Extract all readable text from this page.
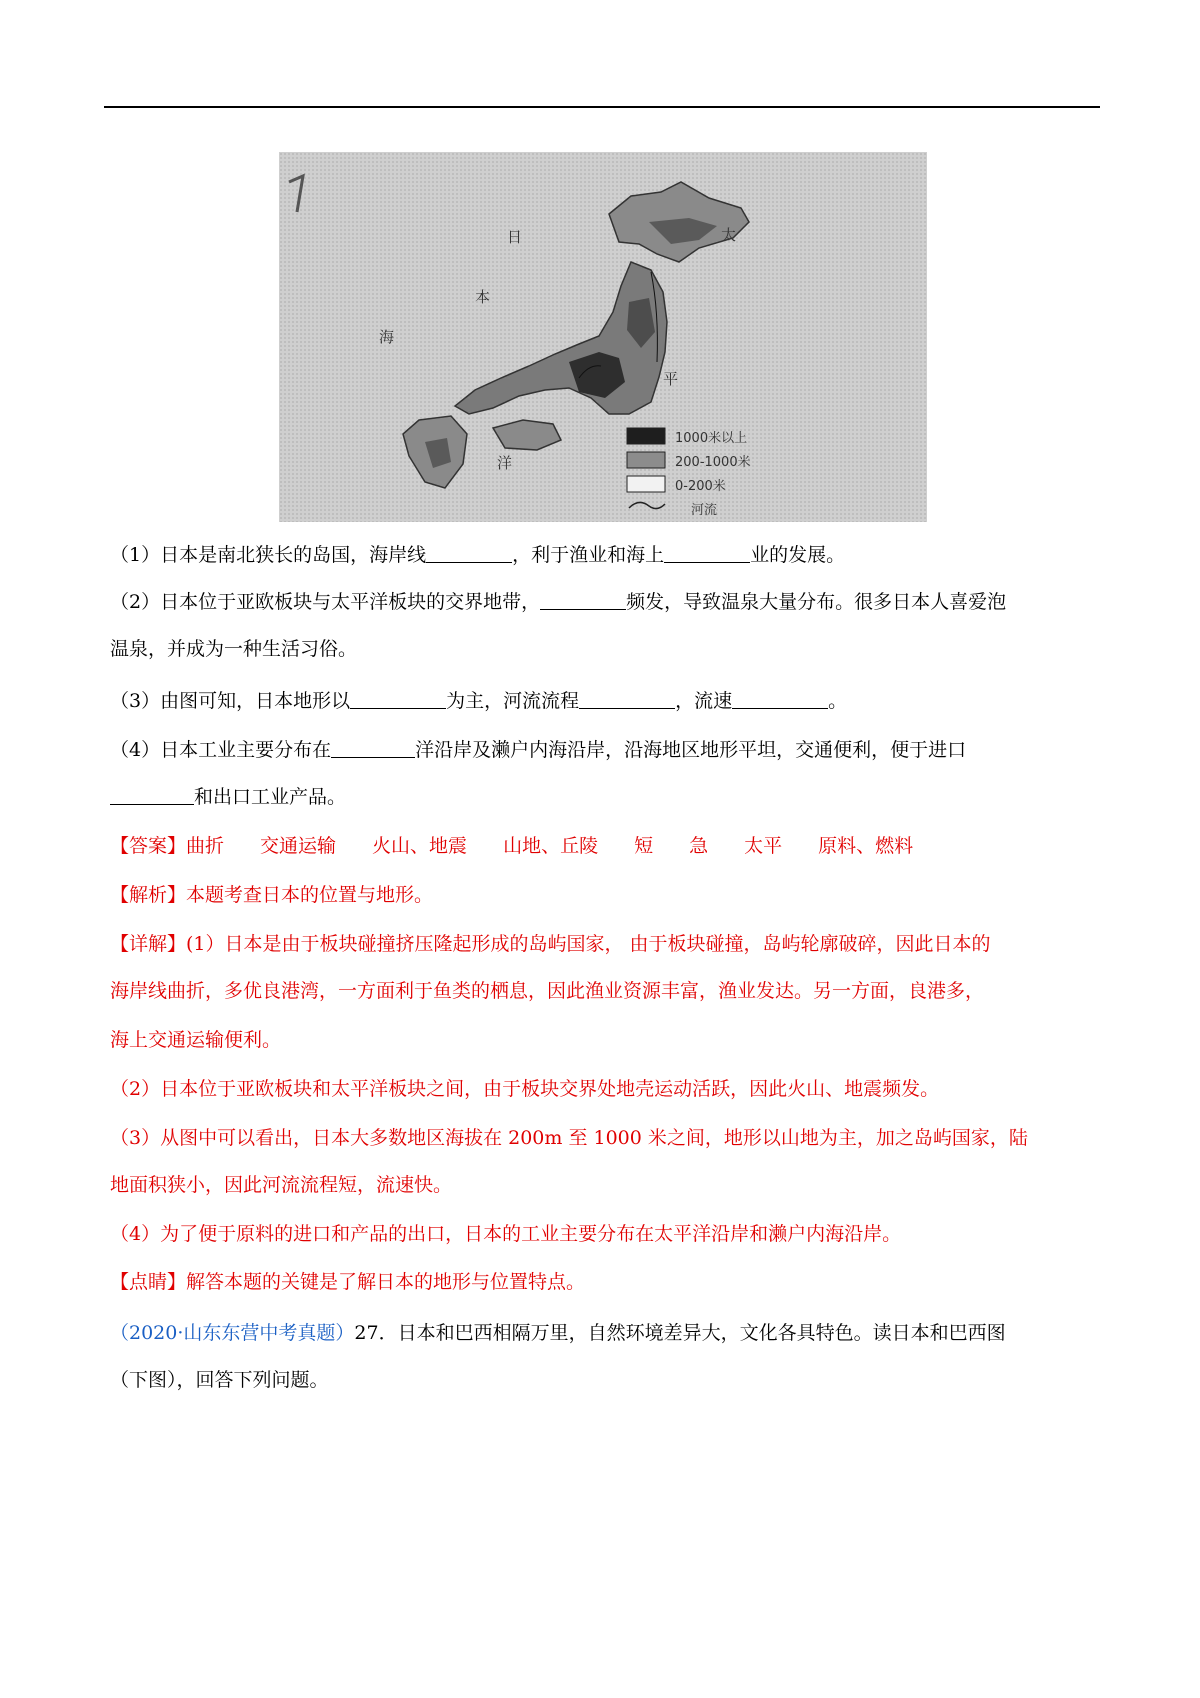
日
本
海
太
平
洋
1000米以上
200-1000米
0-200米
河流
（1）日本是南北狭长的岛国，海岸线	，利于渔业和海上	业的发展。
（2）日本位于亚欧板块与太平洋板块的交界地带，	频发，导致温泉大量分布。很多日本人喜爱泡
温泉，并成为一种生活习俗。
（3）由图可知，日本地形以	为主，河流流程	，流速	。
（4）日本工业主要分布在	洋沿岸及濑户内海沿岸，沿海地区地形平坦，交通便利，便于进口
和出口工业产品。
【答案】曲折 交通运输 火山、地震 山地、丘陵 短 急 太平 原料、燃料
【解析】本题考查日本的位置与地形。
【详解】(1）日本是由于板块碰撞挤压隆起形成的岛屿国家， 由于板块碰撞，岛屿轮廓破碎，因此日本的
海岸线曲折，多优良港湾，一方面利于鱼类的栖息，因此渔业资源丰富，渔业发达。另一方面，良港多，
海上交通运输便利。
（2）日本位于亚欧板块和太平洋板块之间，由于板块交界处地壳运动活跃，因此火山、地震频发。
（3）从图中可以看出，日本大多数地区海拔在 200m 至 1000 米之间，地形以山地为主，加之岛屿国家，陆
地面积狭小，因此河流流程短，流速快。
（4）为了便于原料的进口和产品的出口，日本的工业主要分布在太平洋沿岸和濑户内海沿岸。
【点睛】解答本题的关键是了解日本的地形与位置特点。
（2020·山东东营中考真题）27．日本和巴西相隔万里，自然环境差异大，文化各具特色。读日本和巴西图
（下图），回答下列问题。
